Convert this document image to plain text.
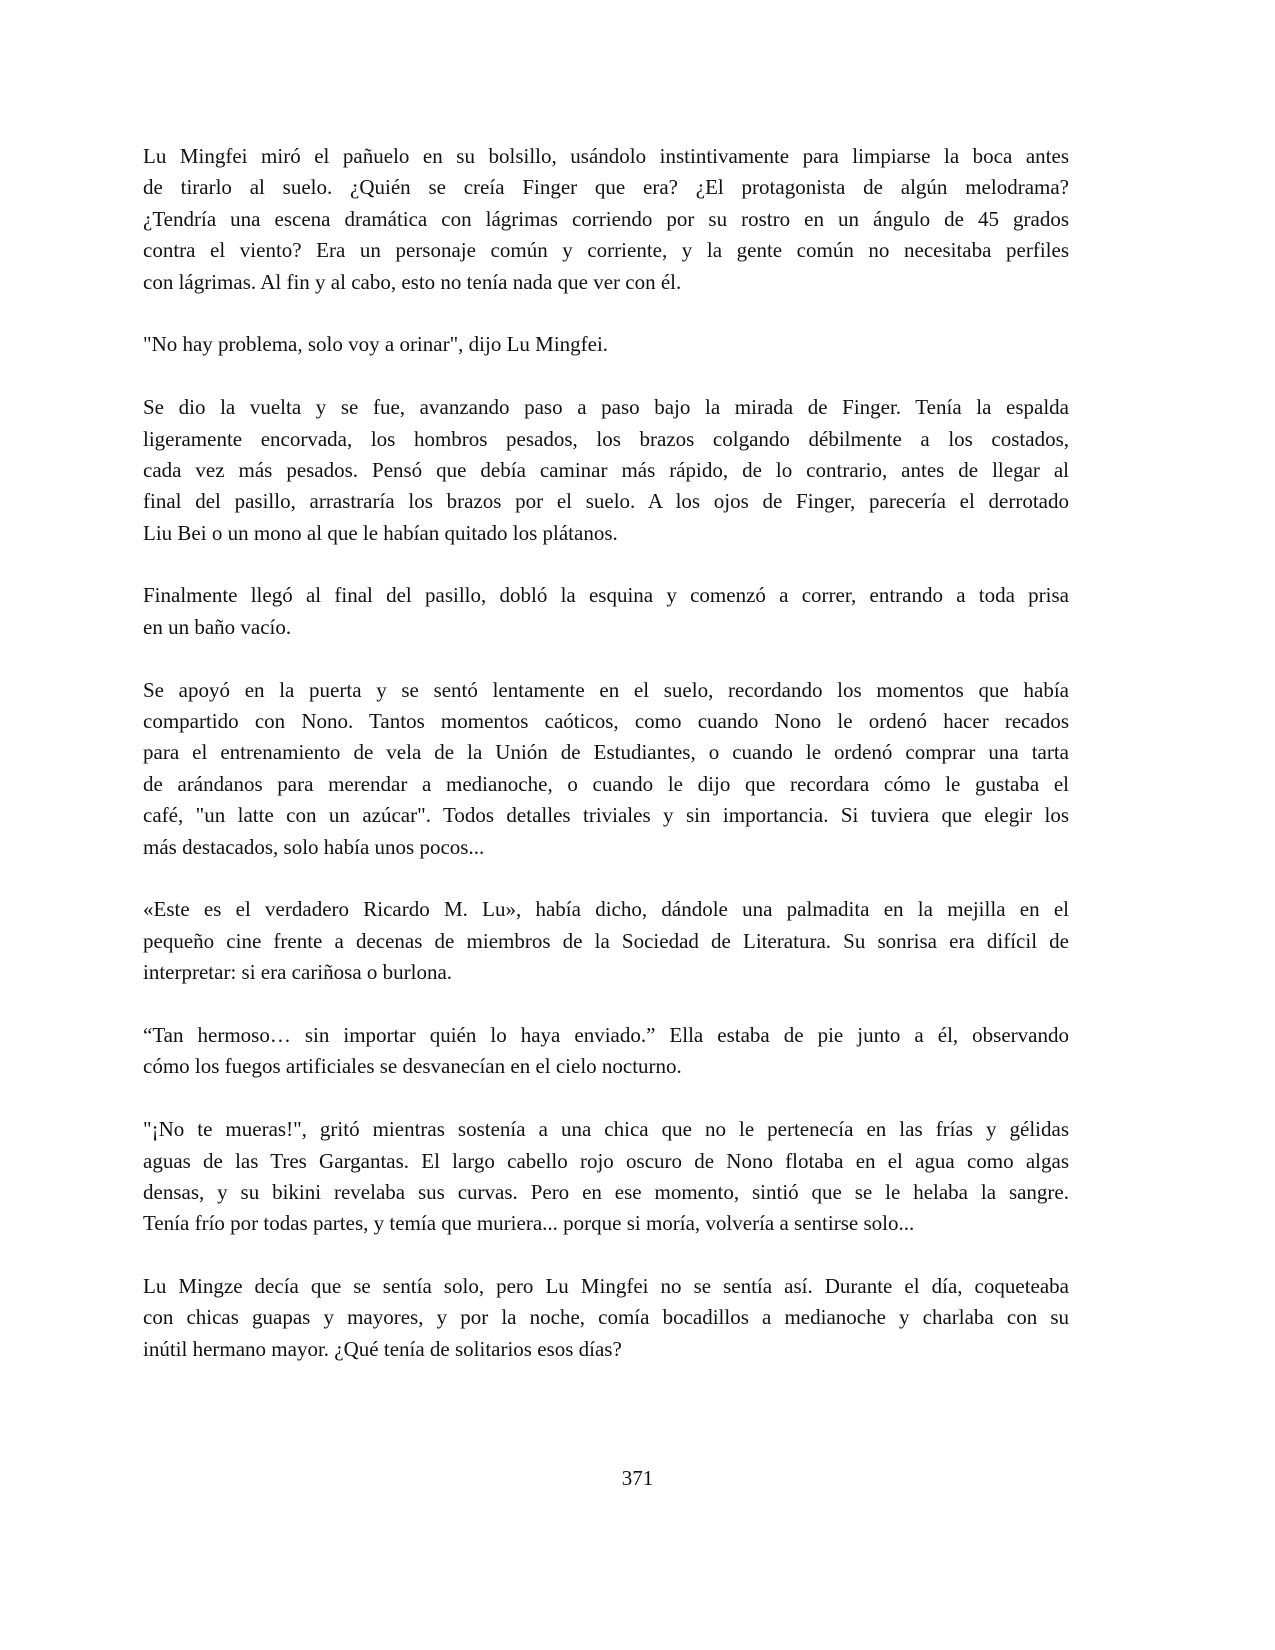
Lu Mingfei miró el pañuelo en su bolsillo, usándolo instintivamente para limpiarse la boca antes
de tirarlo al suelo. ¿Quién se creía Finger que era? ¿El protagonista de algún melodrama?
¿Tendría una escena dramática con lágrimas corriendo por su rostro en un ángulo de 45 grados
contra el viento? Era un personaje común y corriente, y la gente común no necesitaba perfiles
con lágrimas. Al fin y al cabo, esto no tenía nada que ver con él.
"No hay problema, solo voy a orinar", dijo Lu Mingfei.
Se dio la vuelta y se fue, avanzando paso a paso bajo la mirada de Finger. Tenía la espalda
ligeramente encorvada, los hombros pesados, los brazos colgando débilmente a los costados,
cada vez más pesados. Pensó que debía caminar más rápido, de lo contrario, antes de llegar al
final del pasillo, arrastraría los brazos por el suelo. A los ojos de Finger, parecería el derrotado
Liu Bei o un mono al que le habían quitado los plátanos.
Finalmente llegó al final del pasillo, dobló la esquina y comenzó a correr, entrando a toda prisa
en un baño vacío.
Se apoyó en la puerta y se sentó lentamente en el suelo, recordando los momentos que había
compartido con Nono. Tantos momentos caóticos, como cuando Nono le ordenó hacer recados
para el entrenamiento de vela de la Unión de Estudiantes, o cuando le ordenó comprar una tarta
de arándanos para merendar a medianoche, o cuando le dijo que recordara cómo le gustaba el
café, "un latte con un azúcar". Todos detalles triviales y sin importancia. Si tuviera que elegir los
más destacados, solo había unos pocos...
«Este es el verdadero Ricardo M. Lu», había dicho, dándole una palmadita en la mejilla en el
pequeño cine frente a decenas de miembros de la Sociedad de Literatura. Su sonrisa era difícil de
interpretar: si era cariñosa o burlona.
“Tan hermoso… sin importar quién lo haya enviado.” Ella estaba de pie junto a él, observando
cómo los fuegos artificiales se desvanecían en el cielo nocturno.
"¡No te mueras!", gritó mientras sostenía a una chica que no le pertenecía en las frías y gélidas
aguas de las Tres Gargantas. El largo cabello rojo oscuro de Nono flotaba en el agua como algas
densas, y su bikini revelaba sus curvas. Pero en ese momento, sintió que se le helaba la sangre.
Tenía frío por todas partes, y temía que muriera... porque si moría, volvería a sentirse solo...
Lu Mingze decía que se sentía solo, pero Lu Mingfei no se sentía así. Durante el día, coqueteaba
con chicas guapas y mayores, y por la noche, comía bocadillos a medianoche y charlaba con su
inútil hermano mayor. ¿Qué tenía de solitarios esos días?
371
